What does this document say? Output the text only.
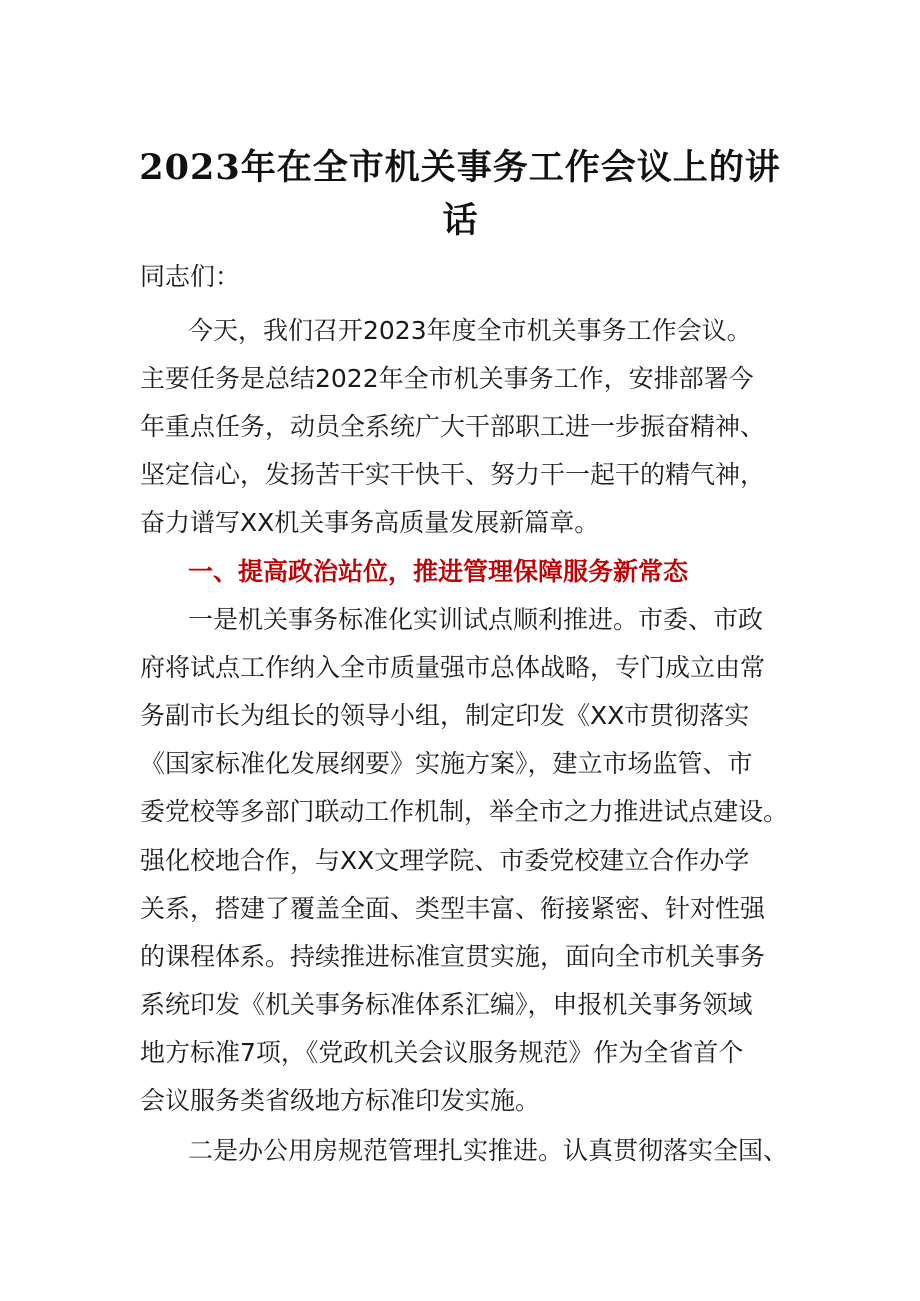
2023年在全市机关事务工作会议上的讲
话

同志们：

今天，我们召开2023年度全市机关事务工作会议。

主要任务是总结2022年全市机关事务工作，安排部署今

年重点任务，动员全系统广大干部职工进一步振奋精神、

坚定信心，发扬苦干实干快干、努力干一起干的精气神，

奋力谱写XX机关事务高质量发展新篇章。

一、提高政治站位，推进管理保障服务新常态

一是机关事务标准化实训试点顺利推进。市委、市政

府将试点工作纳入全市质量强市总体战略，专门成立由常

务副市长为组长的领导小组，制定印发《XX市贯彻落实

《国家标准化发展纲要》实施方案》，建立市场监管、市

委党校等多部门联动工作机制，举全市之力推进试点建设。

强化校地合作，与XX文理学院、市委党校建立合作办学

关系，搭建了覆盖全面、类型丰富、衔接紧密、针对性强

的课程体系。持续推进标准宣贯实施，面向全市机关事务

系统印发《机关事务标准体系汇编》，申报机关事务领域

地方标准7项，《党政机关会议服务规范》作为全省首个

会议服务类省级地方标准印发实施。

二是办公用房规范管理扎实推进。认真贯彻落实全国、
